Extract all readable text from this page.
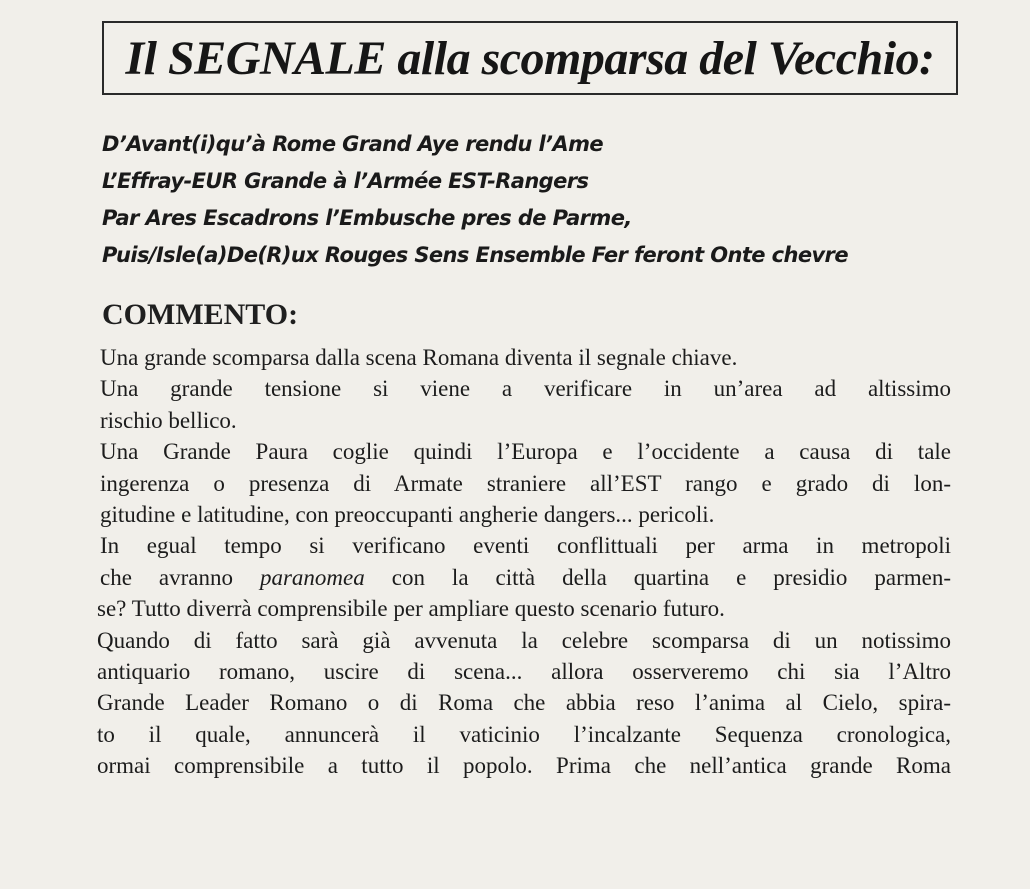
Il SEGNALE alla scomparsa del Vecchio:
D’Avant(i)qu’à Rome Grand Aye rendu l’Ame
L’Effray-EUR Grande à l’Armée EST-Rangers
Par Ares Escadrons l’Embusche pres de Parme,
Puis/Isle(a)De(R)ux Rouges Sens Ensemble Fer feront Onte chevre
COMMENTO:
Una grande scomparsa dalla scena Romana diventa il segnale chiave.
Una grande tensione si viene a verificare in un’area ad altissimo
rischio bellico.
Una Grande Paura coglie quindi l’Europa e l’occidente a causa di tale
ingerenza o presenza di Armate straniere all’EST rango e grado di lon-
gitudine e latitudine, con preoccupanti angherie dangers... pericoli.
In egual tempo si verificano eventi conflittuali per arma in metropoli
che avranno paranomea con la città della quartina e presidio parmen-
se? Tutto diverrà comprensibile per ampliare questo scenario futuro.
Quando di fatto sarà già avvenuta la celebre scomparsa di un notissimo
antiquario romano, uscire di scena... allora osserveremo chi sia l’Altro
Grande Leader Romano o di Roma che abbia reso l’anima al Cielo, spira-
to il quale, annuncerà il vaticinio l’incalzante Sequenza cronologica,
ormai comprensibile a tutto il popolo. Prima che nell’antica grande Roma
